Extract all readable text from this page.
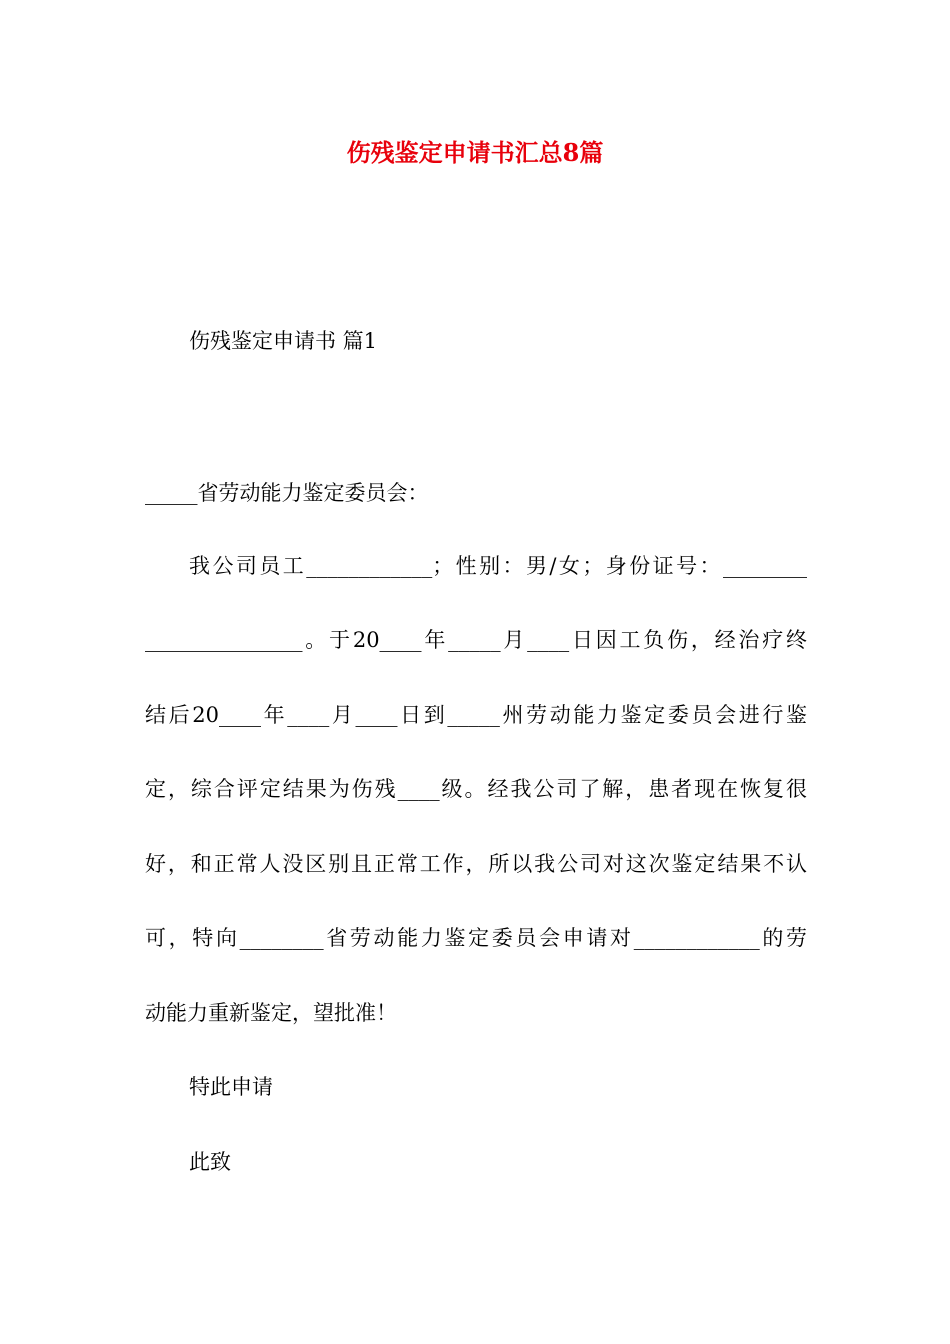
伤残鉴定申请书汇总8篇
伤残鉴定申请书 篇1
_____省劳动能力鉴定委员会：
我公司员工____________；性别：男/女；身份证号：________
_______________。于20____年_____月____日因工负伤，经治疗终
结后20____年____月____日到_____州劳动能力鉴定委员会进行鉴
定，综合评定结果为伤残____级。经我公司了解，患者现在恢复很
好，和正常人没区别且正常工作，所以我公司对这次鉴定结果不认
可，特向________省劳动能力鉴定委员会申请对____________的劳
动能力重新鉴定，望批准！
特此申请
此致
